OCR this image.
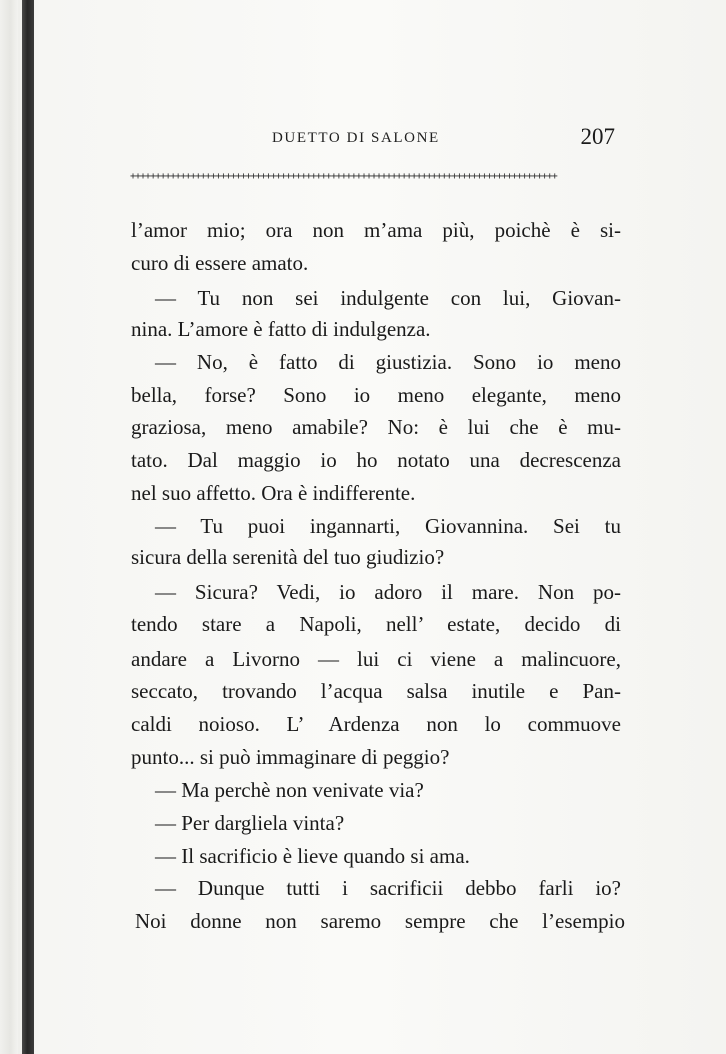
DUETTO DI SALONE	207
+++++++++++++++++++++++++++++++++++++++++++++++++++++++++++++++++++++++++++++++++++++
l’amor mio; ora non m’ama più, poichè è si-
curo di essere amato.
— Tu non sei indulgente con lui, Giovan-
nina. L’amore è fatto di indulgenza.
— No, è fatto di giustizia. Sono io meno
bella, forse? Sono io meno elegante, meno
graziosa, meno amabile? No: è lui che è mu-
tato. Dal maggio io ho notato una decrescenza
nel suo affetto. Ora è indifferente.
— Tu puoi ingannarti, Giovannina. Sei tu
sicura della serenità del tuo giudizio?
— Sicura? Vedi, io adoro il mare. Non po-
tendo stare a Napoli, nell’ estate, decido di
andare a Livorno — lui ci viene a malincuore,
seccato, trovando l’acqua salsa inutile e Pan-
caldi noioso. L’ Ardenza non lo commuove
punto... si può immaginare di peggio?
— Ma perchè non venivate via?
— Per dargliela vinta?
— Il sacrificio è lieve quando si ama.
— Dunque tutti i sacrificii debbo farli io?
Noi donne non saremo sempre che l’esempio
